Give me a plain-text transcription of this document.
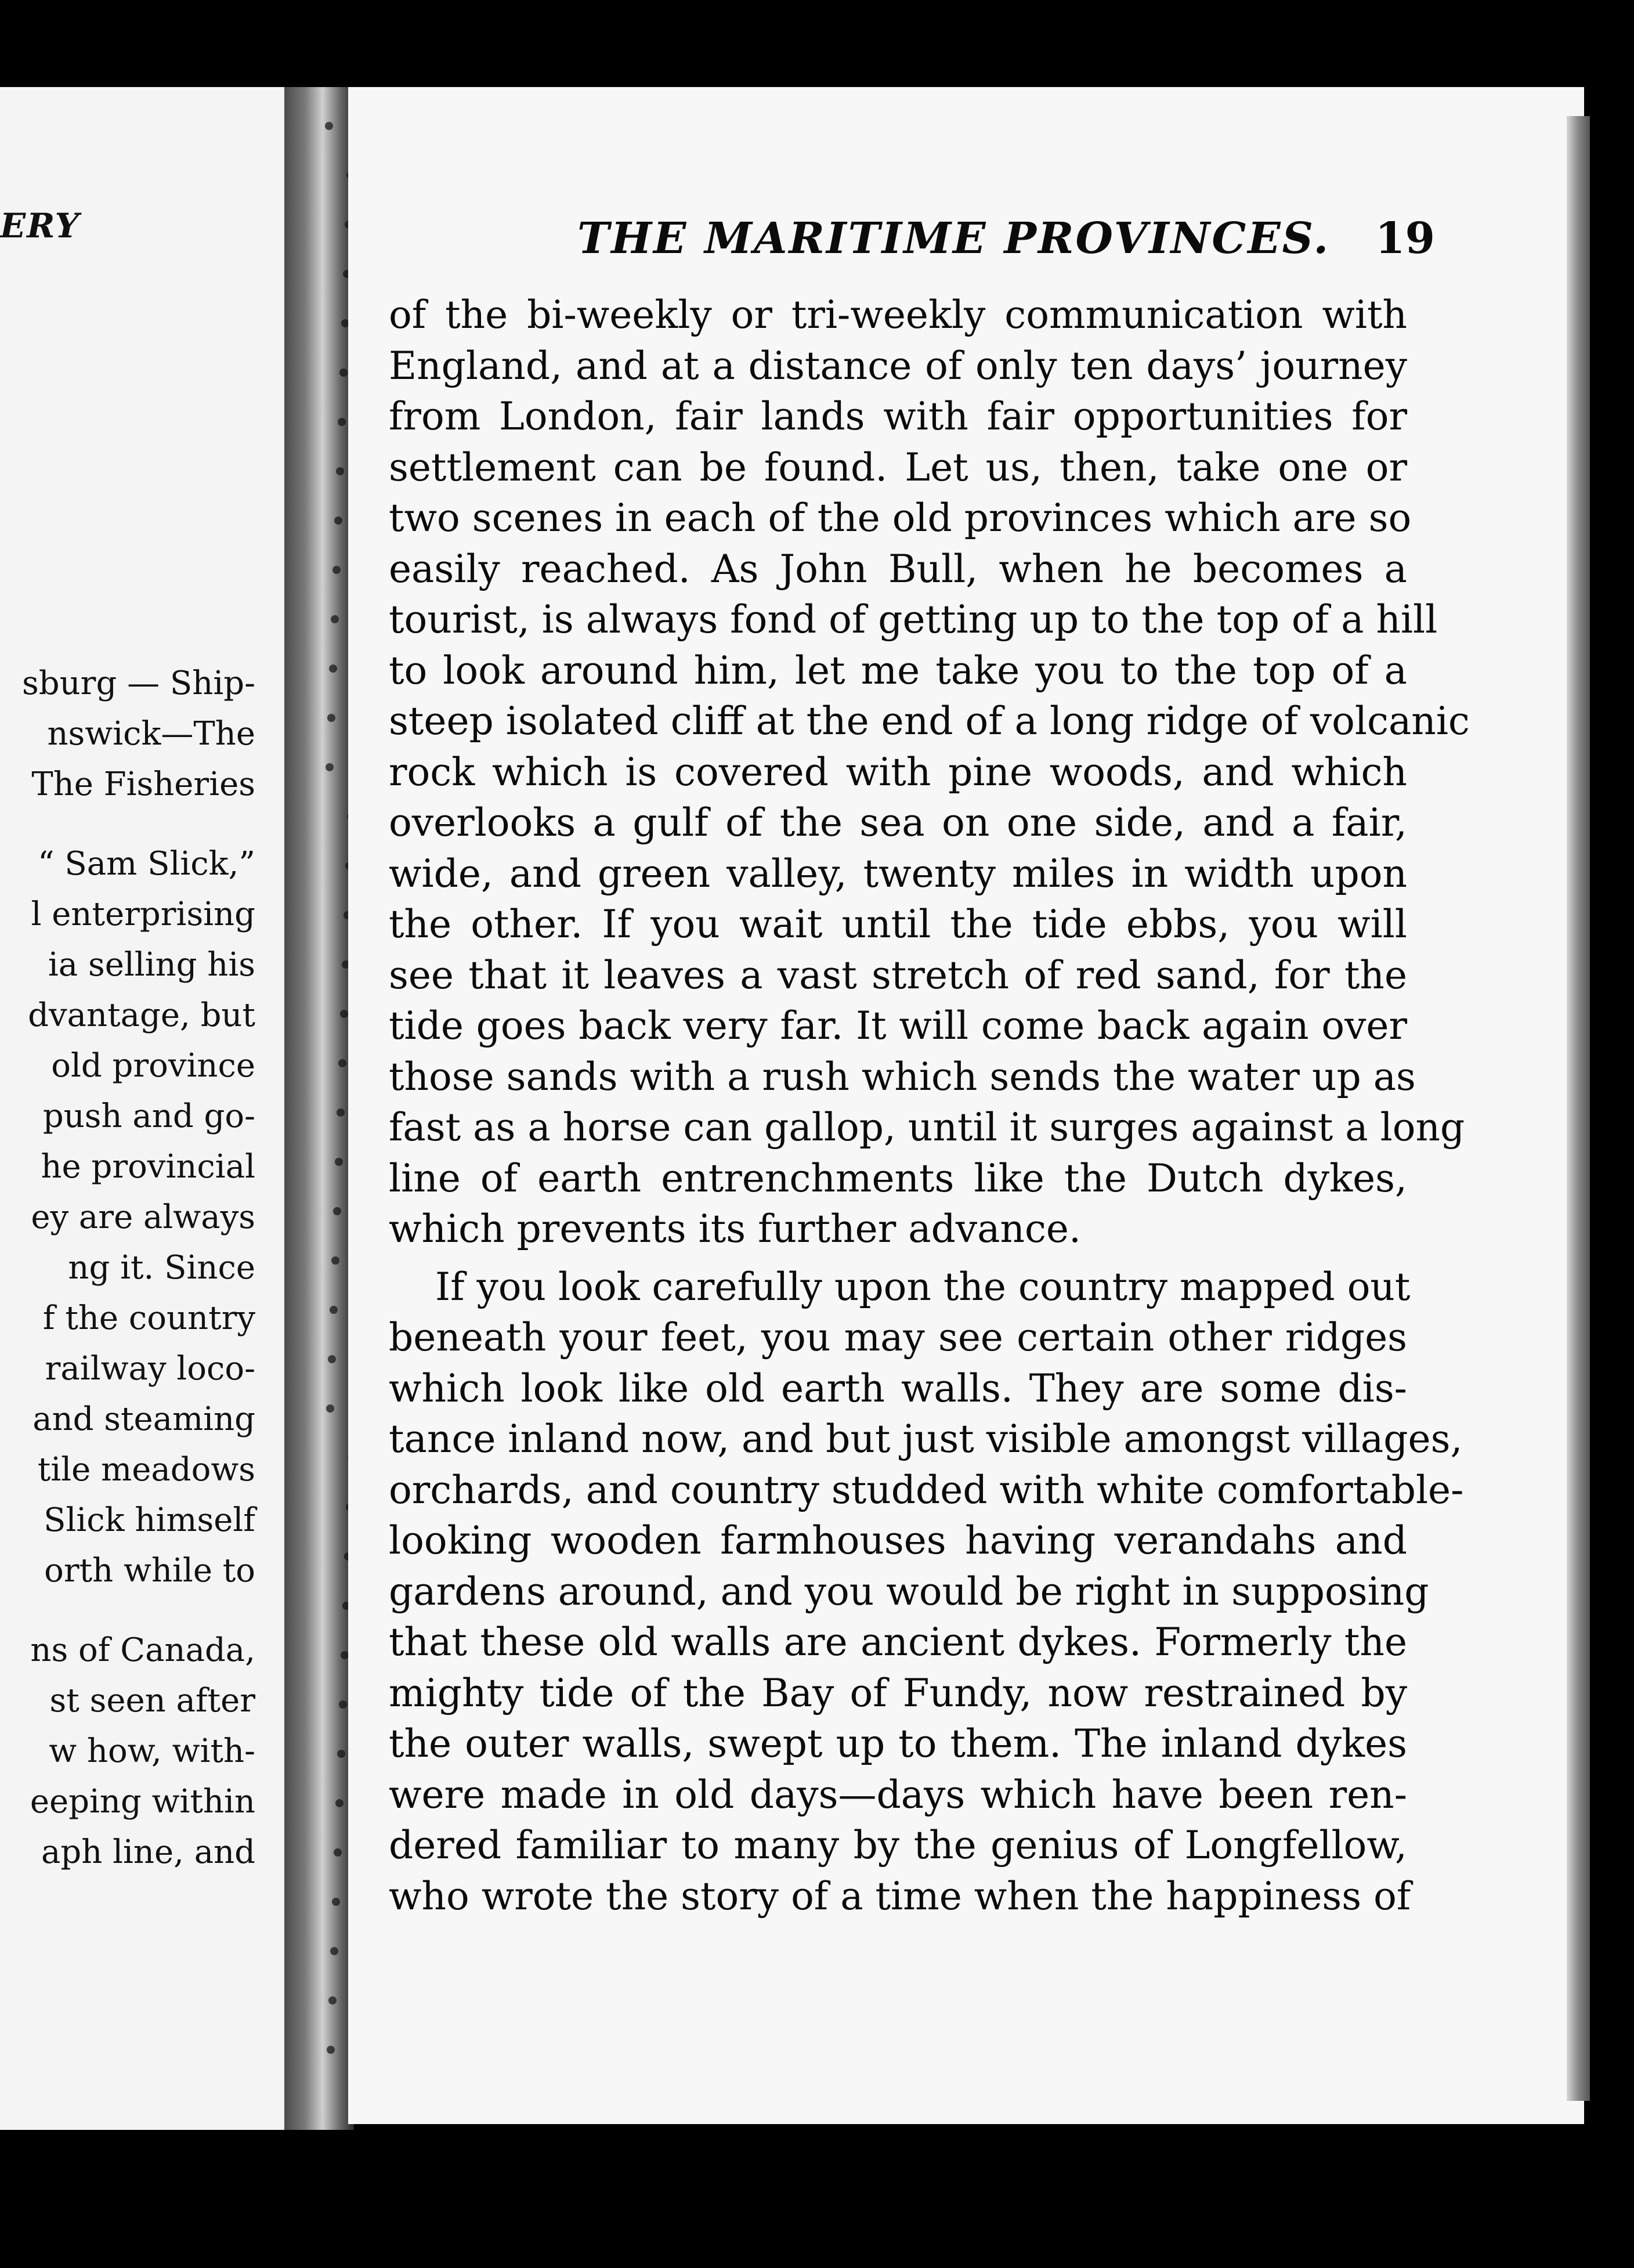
ERY
sburg — Ship-
nswick—The
The Fisheries
“ Sam Slick,”
l enterprising
ia selling his
dvantage, but
old province
push and go-
he provincial
ey are always
ng it. Since
f the country
railway loco-
and steaming
tile meadows
Slick himself
orth while to
ns of Canada,
st seen after
w how, with-
eeping within
aph line, and
THE MARITIME PROVINCES. 19
of the bi-weekly or tri-weekly communication with
England, and at a distance of only ten days’ journey
from London, fair lands with fair opportunities for
settlement can be found. Let us, then, take one or
two scenes in each of the old provinces which are so
easily reached. As John Bull, when he becomes a
tourist, is always fond of getting up to the top of a hill
to look around him, let me take you to the top of a
steep isolated cliff at the end of a long ridge of volcanic
rock which is covered with pine woods, and which
overlooks a gulf of the sea on one side, and a fair,
wide, and green valley, twenty miles in width upon
the other. If you wait until the tide ebbs, you will
see that it leaves a vast stretch of red sand, for the
tide goes back very far. It will come back again over
those sands with a rush which sends the water up as
fast as a horse can gallop, until it surges against a long
line of earth entrenchments like the Dutch dykes,
which prevents its further advance.
If you look carefully upon the country mapped out
beneath your feet, you may see certain other ridges
which look like old earth walls. They are some dis-
tance inland now, and but just visible amongst villages,
orchards, and country studded with white comfortable-
looking wooden farmhouses having verandahs and
gardens around, and you would be right in supposing
that these old walls are ancient dykes. Formerly the
mighty tide of the Bay of Fundy, now restrained by
the outer walls, swept up to them. The inland dykes
were made in old days—days which have been ren-
dered familiar to many by the genius of Longfellow,
who wrote the story of a time when the happiness of
